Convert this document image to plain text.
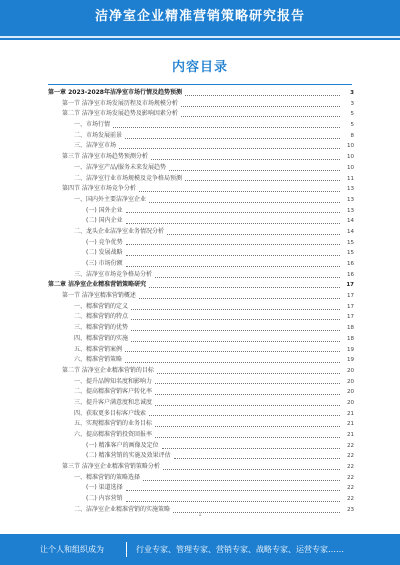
洁净室企业精准营销策略研究报告
内容目录
第一章 2023-2028年洁净室市场行情及趋势预测	3
第一节 洁净室市场发展历程及市场规模分析	3
第二节 洁净室市场发展趋势及影响因素分析	5
一、市场行情	5
二、市场发展前景	8
三、洁净室市场	10
第三节 洁净室市场趋势预测分析	10
一、洁净室产品/服务未来发展趋势	10
二、洁净室行业市场规模及竞争格局预测	11
第四节 洁净室市场竞争分析	13
一、国内外主要洁净室企业	13
(一) 国外企业	13
(二) 国内企业	14
二、龙头企业洁净室业务情况分析	14
(一) 竞争优势	15
(二) 发展战略	15
(三) 市场份额	16
三、洁净室市场竞争格局分析	16
第二章 洁净室企业精准营销策略研究	17
第一节 洁净室精准营销概述	17
一、精准营销的定义	17
二、精准营销的特点	17
三、精准营销的优势	18
四、精准营销的实施	18
五、精准营销案例	19
六、精准营销策略	19
第二节 洁净室企业精准营销的目标	20
一、提升品牌知名度和影响力	20
二、提高精准营销客户转化率	20
三、提升客户满意度和忠诚度	20
四、获取更多目标客户线索	21
五、实现精准营销的业务目标	21
六、提高精准营销投资回报率	21
(一) 精准客户的画像及定位	22
(二) 精准营销的实施及效果评估	22
第三节 洁净室企业精准营销策略分析	22
一、精准营销的策略选择	22
(一) 渠道选择	22
(二) 内容营销	22
二、洁净室企业精准营销的实施策略	23
1
让个人和组织成为	行业专家、管理专家、营销专家、战略专家、运营专家……
